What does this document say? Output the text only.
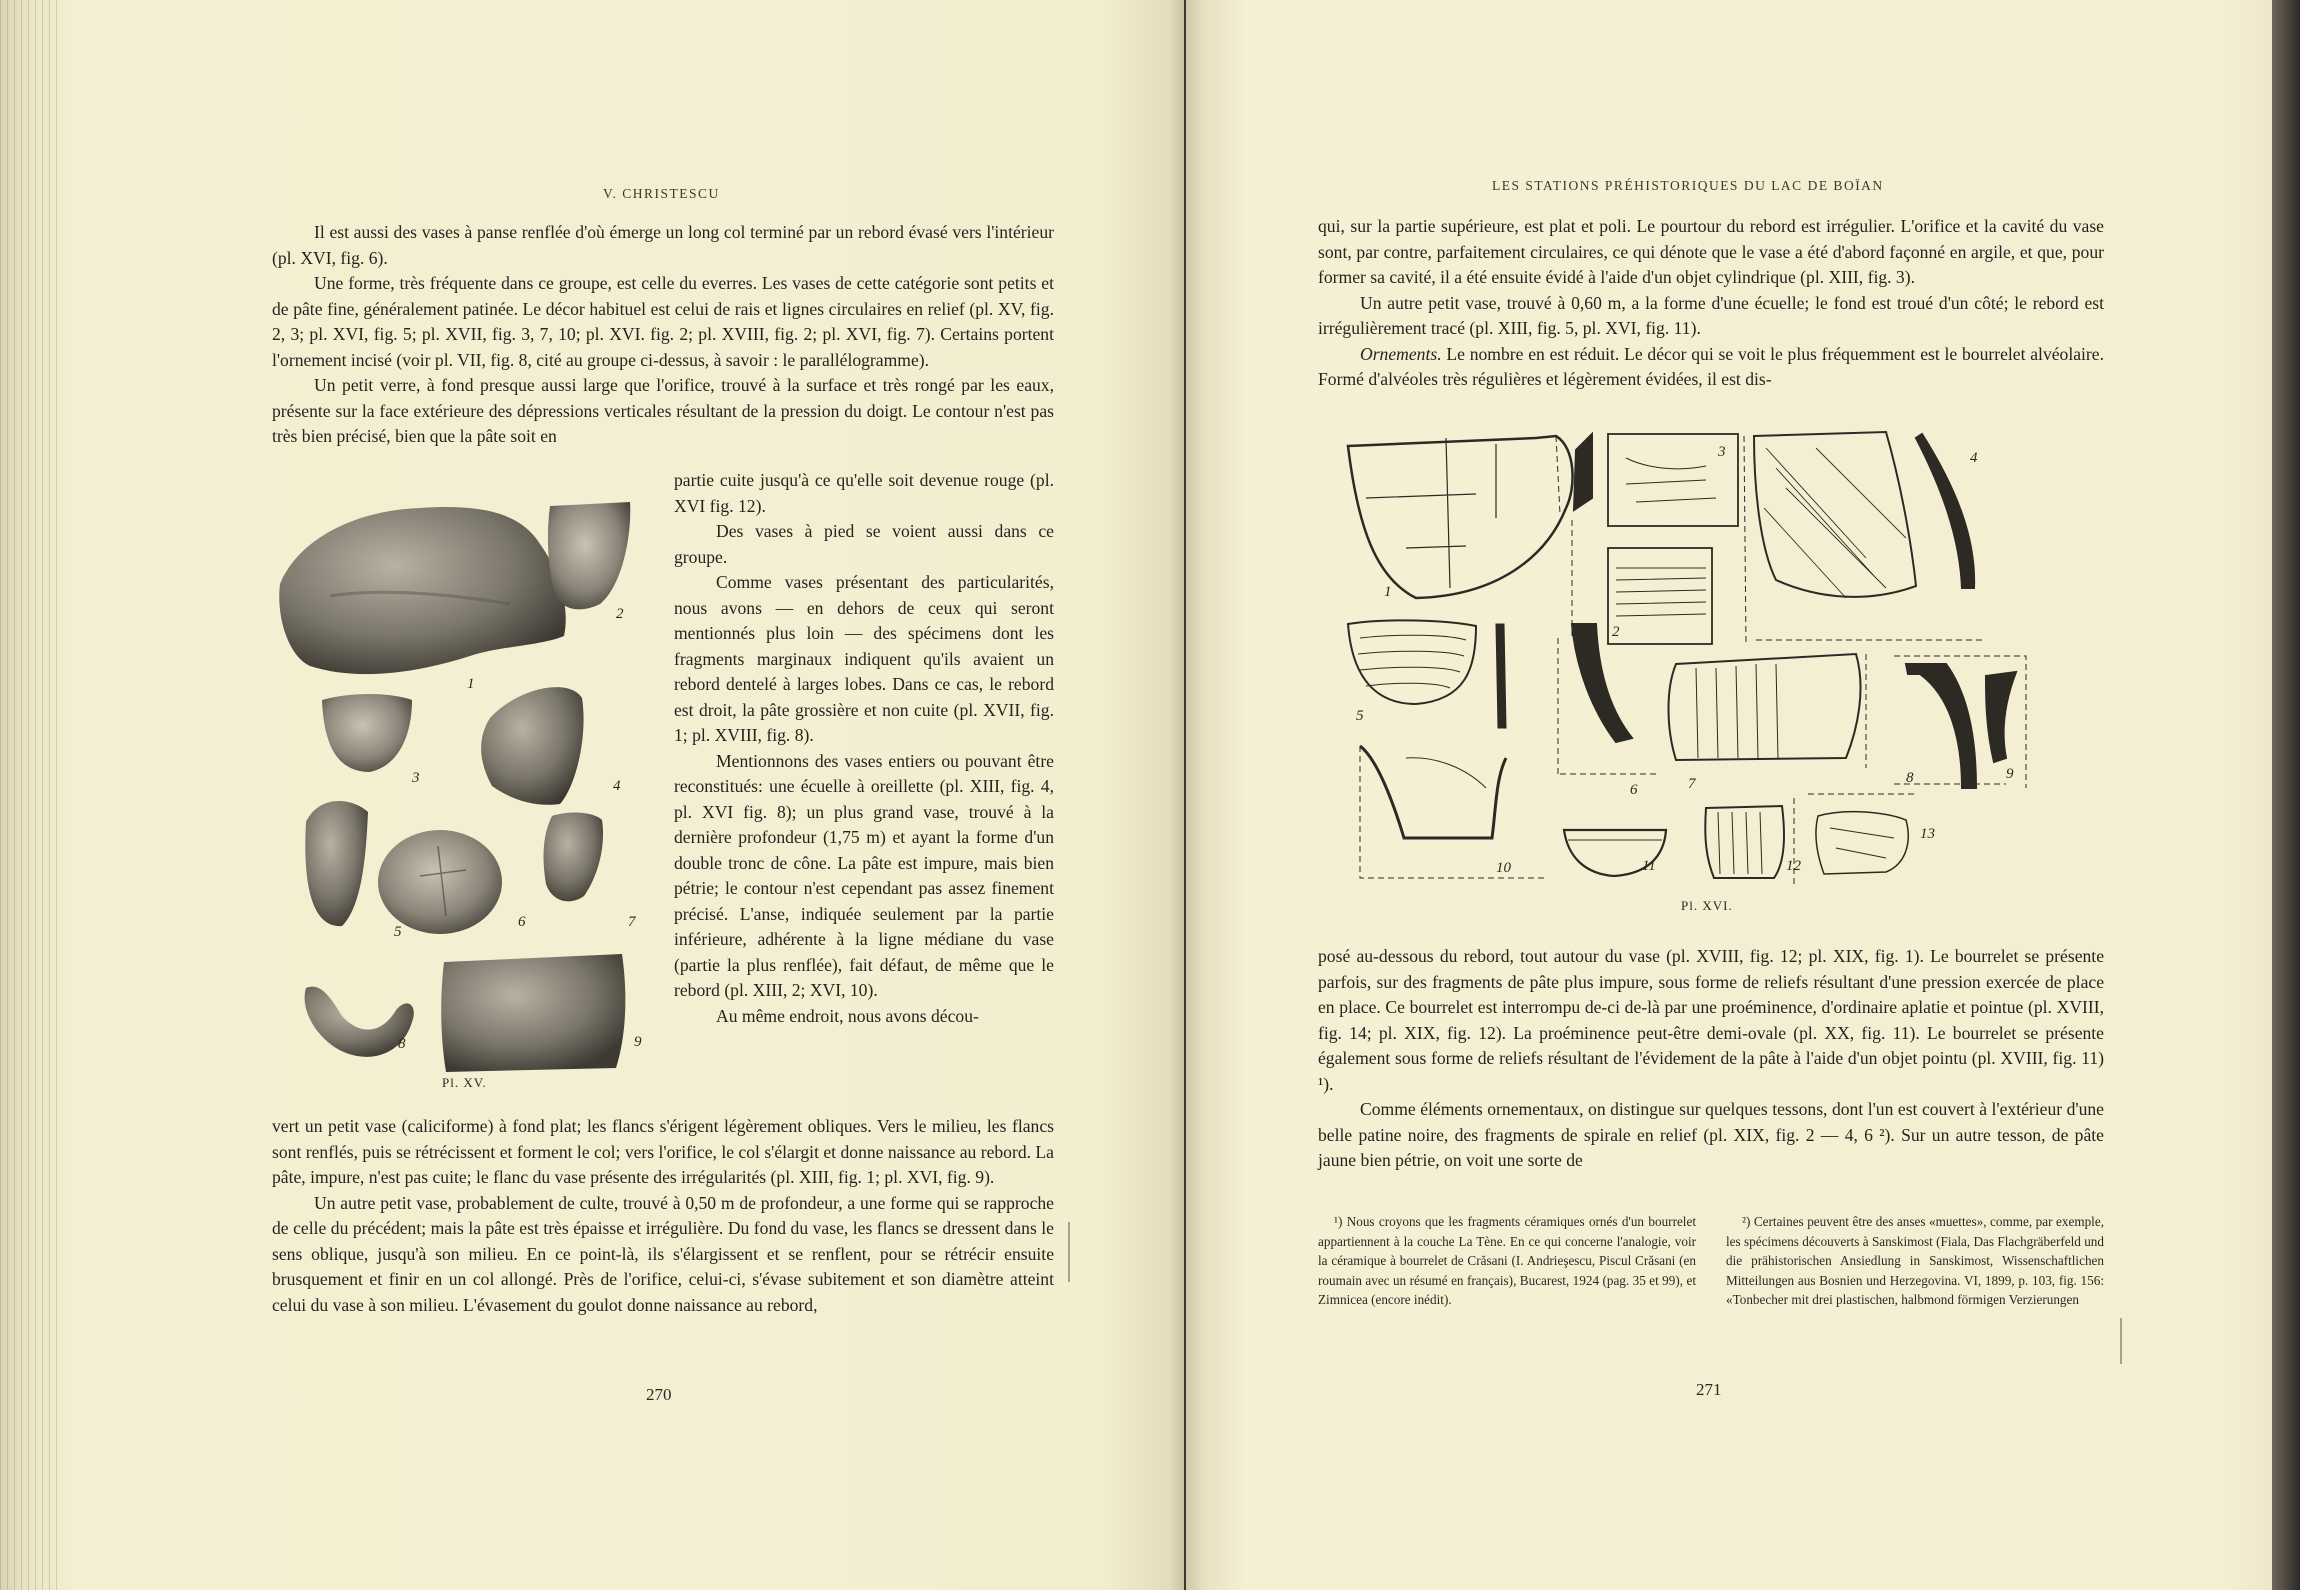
V. CHRISTESCU

Il est aussi des vases à panse renflée d'où émerge un long col terminé par un rebord évasé vers l'intérieur (pl. XVI, fig. 6).

Une forme, très fréquente dans ce groupe, est celle du everres. Les vases de cette catégorie sont petits et de pâte fine, généralement patinée. Le décor habituel est celui de rais et lignes circulaires en relief (pl. XV, fig. 2, 3; pl. XVI, fig. 5; pl. XVII, fig. 3, 7, 10; pl. XVI. fig. 2; pl. XVIII, fig. 2; pl. XVI, fig. 7). Certains portent l'ornement incisé (voir pl. VII, fig. 8, cité au groupe ci-dessus, à savoir : le parallélogramme).

Un petit verre, à fond presque aussi large que l'orifice, trouvé à la surface et très rongé par les eaux, présente sur la face extérieure des dépressions verticales résultant de la pression du doigt. Le contour n'est pas très bien précisé, bien que la pâte soit en

1
2
3	4
5
6	7
8	9
Pl. XV.

partie cuite jusqu'à ce qu'elle soit devenue rouge (pl. XVI fig. 12).

Des vases à pied se voient aussi dans ce groupe.

Comme vases présentant des particularités, nous avons — en dehors de ceux qui seront mentionnés plus loin — des spécimens dont les fragments marginaux indiquent qu'ils avaient un rebord dentelé à larges lobes. Dans ce cas, le rebord est droit, la pâte grossière et non cuite (pl. XVII, fig. 1; pl. XVIII, fig. 8).

Mentionnons des vases entiers ou pouvant être reconstitués: une écuelle à oreillette (pl. XIII, fig. 4, pl. XVI fig. 8); un plus grand vase, trouvé à la dernière profondeur (1,75 m) et ayant la forme d'un double tronc de cône. La pâte est impure, mais bien pétrie; le contour n'est cependant pas assez finement précisé. L'anse, indiquée seulement par la partie inférieure, adhérente à la ligne médiane du vase (partie la plus renflée), fait défaut, de même que le rebord (pl. XIII, 2; XVI, 10).

Au même endroit, nous avons décou-

vert un petit vase (caliciforme) à fond plat; les flancs s'érigent légèrement obliques. Vers le milieu, les flancs sont renflés, puis se rétrécissent et forment le col; vers l'orifice, le col s'élargit et donne naissance au rebord. La pâte, impure, n'est pas cuite; le flanc du vase présente des irrégularités (pl. XIII, fig. 1; pl. XVI, fig. 9).

Un autre petit vase, probablement de culte, trouvé à 0,50 m de profondeur, a une forme qui se rapproche de celle du précédent; mais la pâte est très épaisse et irrégulière. Du fond du vase, les flancs se dressent dans le sens oblique, jusqu'à son milieu. En ce point-là, ils s'élargissent et se renflent, pour se rétrécir ensuite brusquement et finir en un col allongé. Près de l'orifice, celui-ci, s'évase subitement et son diamètre atteint celui du vase à son milieu. L'évasement du goulot donne naissance au rebord,

270
LES STATIONS PRÉHISTORIQUES DU LAC DE BOÏAN

qui, sur la partie supérieure, est plat et poli. Le pourtour du rebord est irrégulier. L'orifice et la cavité du vase sont, par contre, parfaitement circulaires, ce qui dénote que le vase a été d'abord façonné en argile, et que, pour former sa cavité, il a été ensuite évidé à l'aide d'un objet cylindrique (pl. XIII, fig. 3).

Un autre petit vase, trouvé à 0,60 m, a la forme d'une écuelle; le fond est troué d'un côté; le rebord est irrégulièrement tracé (pl. XIII, fig. 5, pl. XVI, fig. 11).

Ornements. Le nombre en est réduit. Le décor qui se voit le plus fréquemment est le bourrelet alvéolaire. Formé d'alvéoles très régulières et légèrement évidées, il est dis-

1
2
3	4
5
6	7	8	9
10	11	12
13
Pl. XVI.

posé au-dessous du rebord, tout autour du vase (pl. XVIII, fig. 12; pl. XIX, fig. 1). Le bourrelet se présente parfois, sur des fragments de pâte plus impure, sous forme de reliefs résultant d'une pression exercée de place en place. Ce bourrelet est interrompu de-ci de-là par une proéminence, d'ordinaire aplatie et pointue (pl. XVIII, fig. 14; pl. XIX, fig. 12). La proéminence peut-être demi-ovale (pl. XX, fig. 11). Le bourrelet se présente également sous forme de reliefs résultant de l'évidement de la pâte à l'aide d'un objet pointu (pl. XVIII, fig. 11) ¹).

Comme éléments ornementaux, on distingue sur quelques tessons, dont l'un est couvert à l'extérieur d'une belle patine noire, des fragments de spirale en relief (pl. XIX, fig. 2 — 4, 6 ²). Sur un autre tesson, de pâte jaune bien pétrie, on voit une sorte de

¹) Nous croyons que les fragments céramiques ornés d'un bourrelet appartiennent à la couche La Tène. En ce qui concerne l'analogie, voir la céramique à bourrelet de Crăsani (I. Andrieşescu, Piscul Crăsani (en roumain avec un résumé en français), Bucarest, 1924 (pag. 35 et 99), et Zimnicea (encore inédit).
²) Certaines peuvent être des anses «muettes», comme, par exemple, les spécimens découverts à Sanskimost (Fiala, Das Flachgräberfeld und die prähistorischen Ansiedlung in Sanskimost, Wissenschaftlichen Mitteilungen aus Bosnien und Herzegovina. VI, 1899, p. 103, fig. 156: «Tonbecher mit drei plastischen, halbmond förmigen Verzierungen
271
